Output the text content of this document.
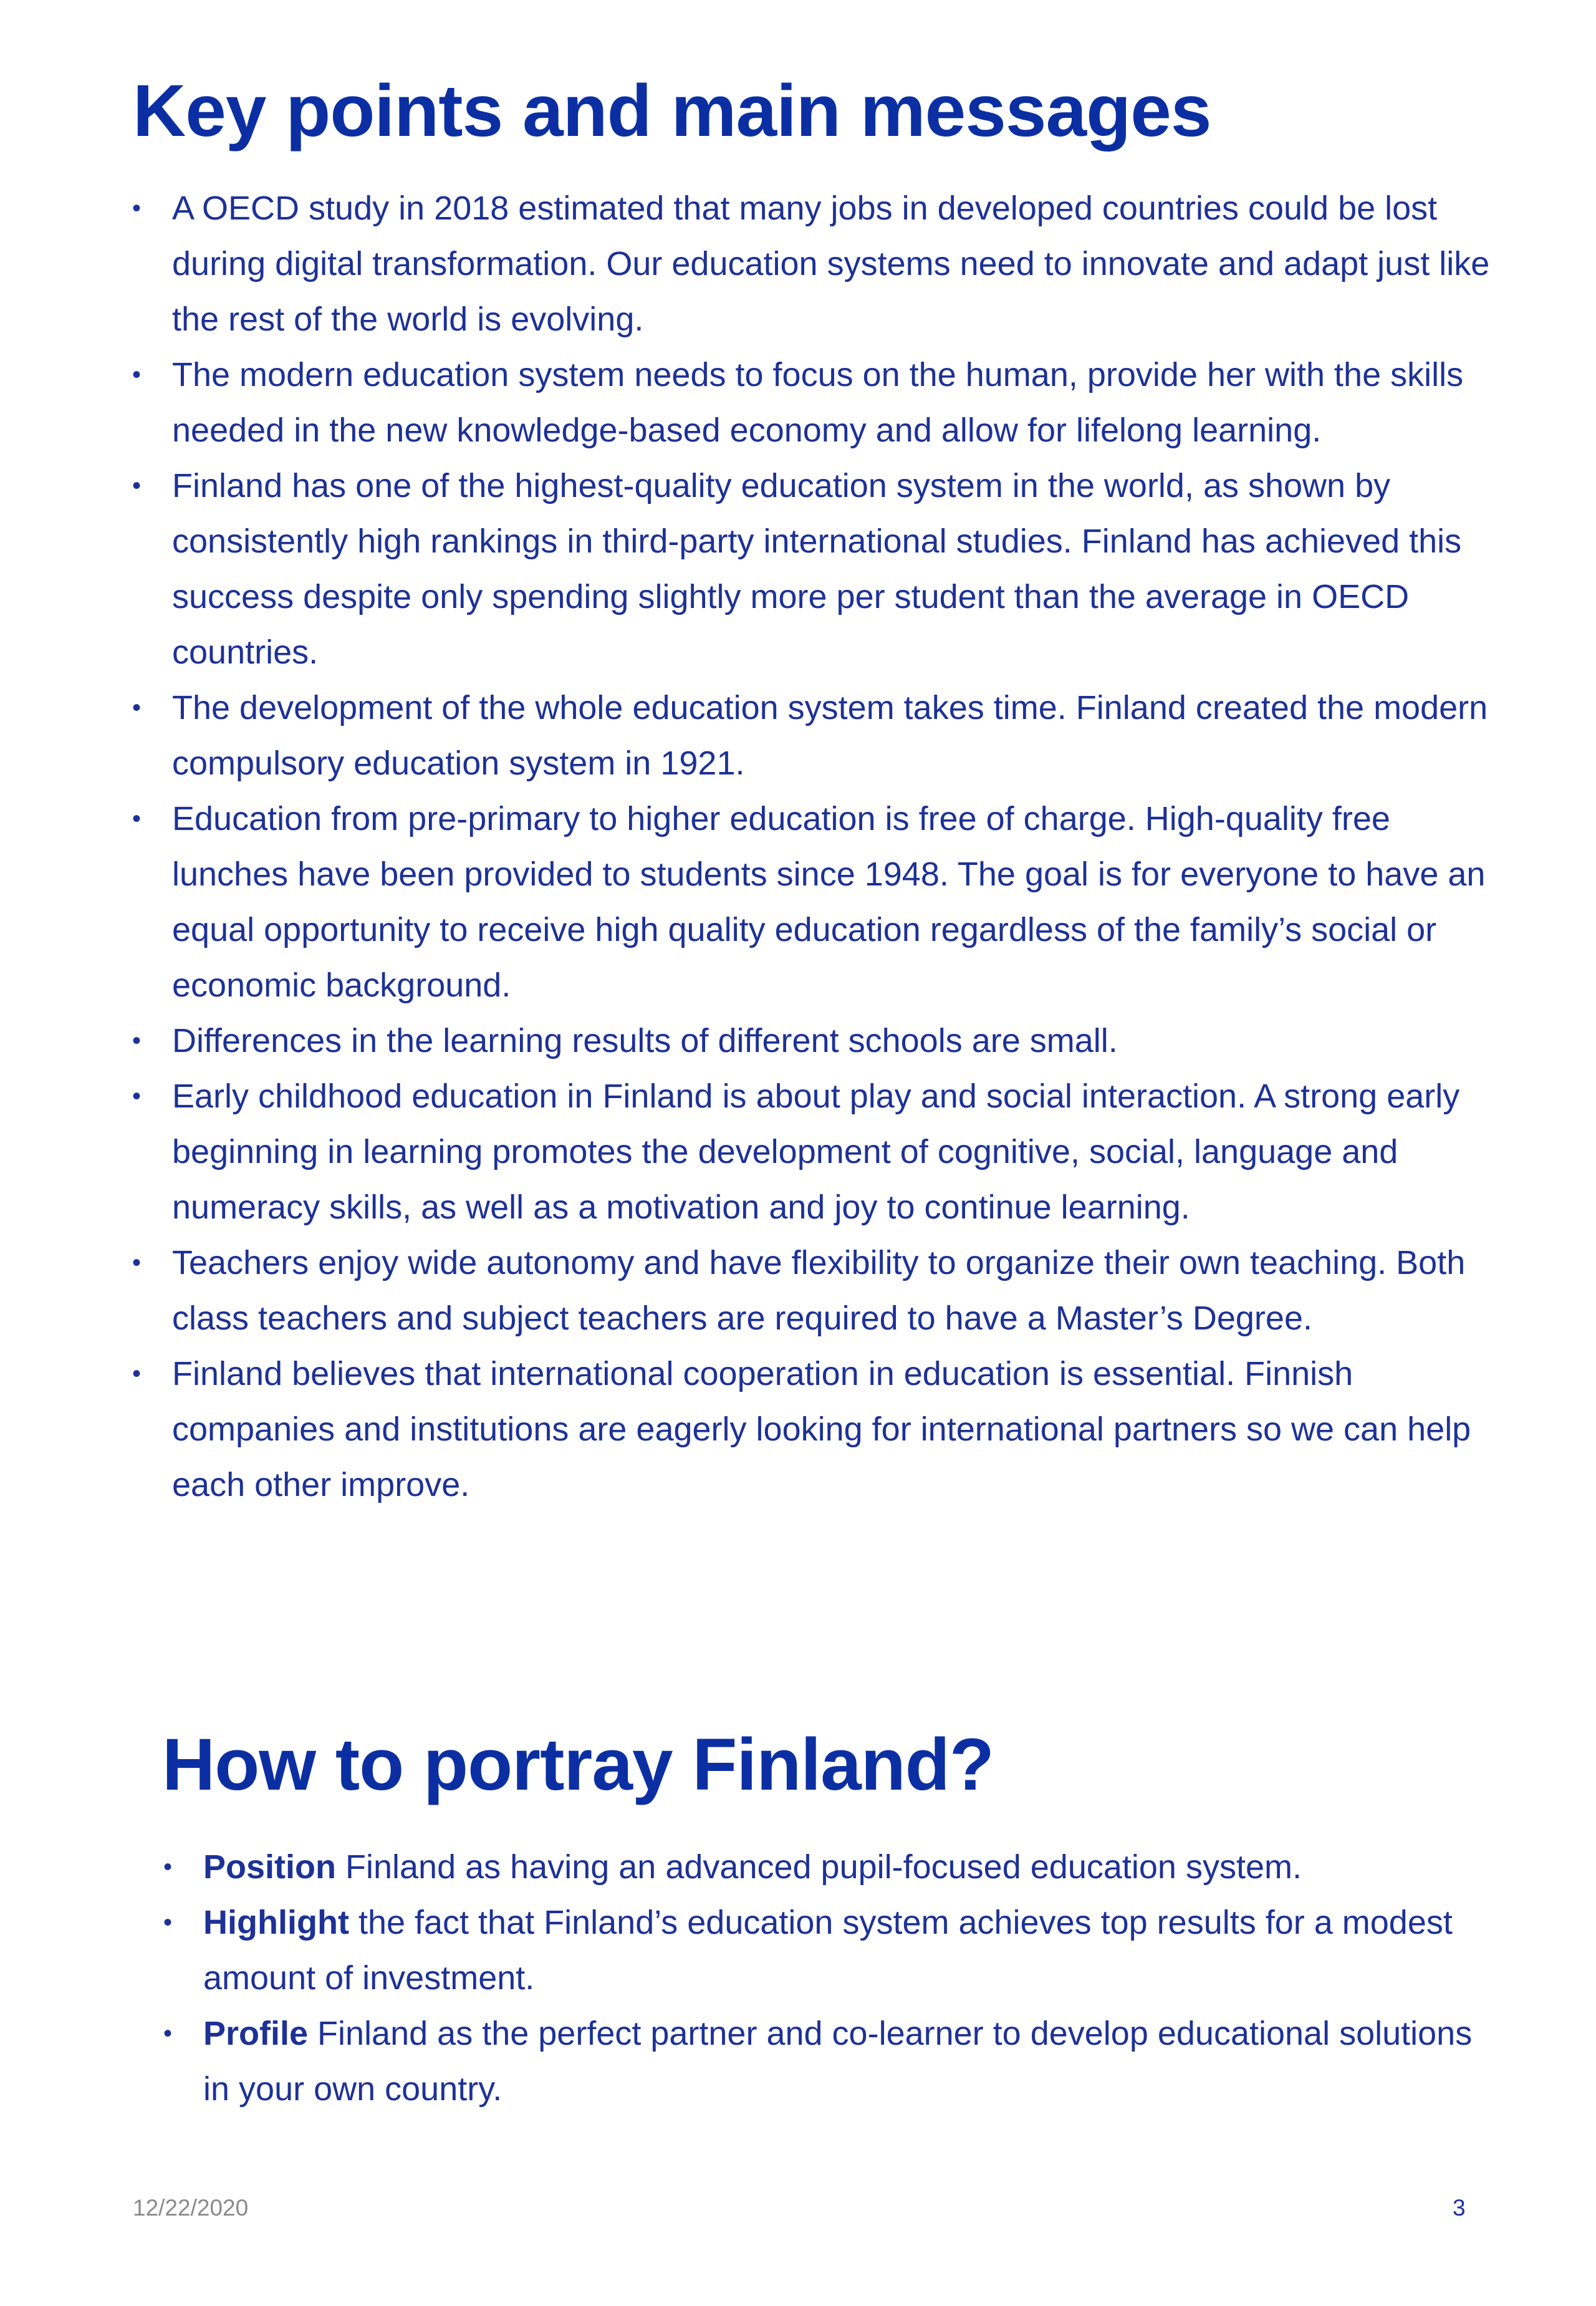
Key points and main messages
• A OECD study in 2018 estimated that many jobs in developed countries could be lost during digital transformation. Our education systems need to innovate and adapt just like the rest of the world is evolving.
• The modern education system needs to focus on the human, provide her with the skills needed in the new knowledge-based economy and allow for lifelong learning.
• Finland has one of the highest-quality education system in the world, as shown by consistently high rankings in third-party international studies. Finland has achieved this success despite only spending slightly more per student than the average in OECD countries.
• The development of the whole education system takes time. Finland created the modern compulsory education system in 1921.
• Education from pre-primary to higher education is free of charge. High-quality free lunches have been provided to students since 1948. The goal is for everyone to have an equal opportunity to receive high quality education regardless of the family’s social or economic background.
• Differences in the learning results of different schools are small.
• Early childhood education in Finland is about play and social interaction. A strong early beginning in learning promotes the development of cognitive, social, language and numeracy skills, as well as a motivation and joy to continue learning.
• Teachers enjoy wide autonomy and have flexibility to organize their own teaching. Both class teachers and subject teachers are required to have a Master’s Degree.
• Finland believes that international cooperation in education is essential. Finnish companies and institutions are eagerly looking for international partners so we can help each other improve.
How to portray Finland?
• Position Finland as having an advanced pupil-focused education system.
• Highlight the fact that Finland’s education system achieves top results for a modest amount of investment.
• Profile Finland as the perfect partner and co-learner to develop educational solutions in your own country.
12/22/2020	3
